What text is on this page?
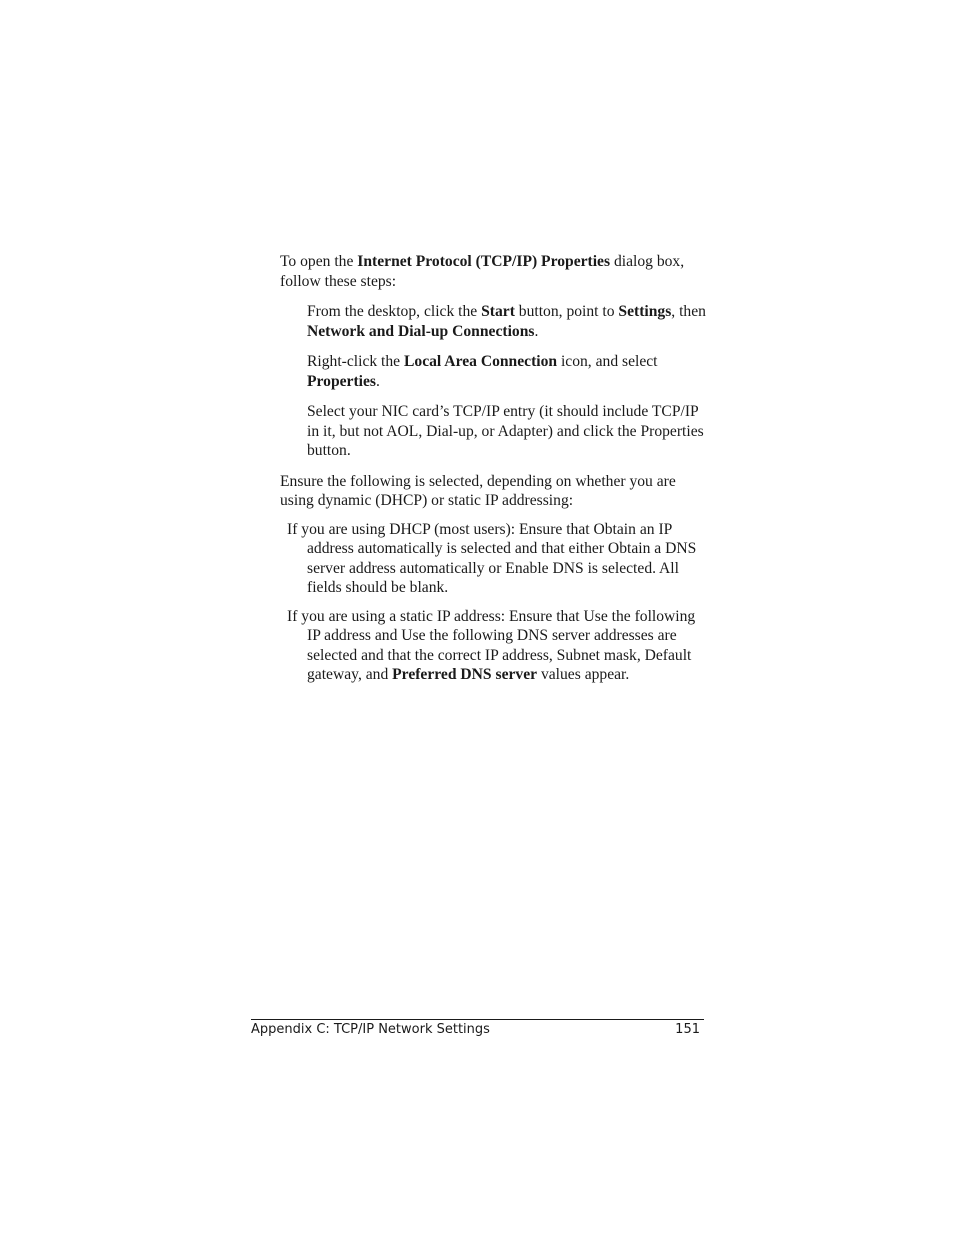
To open the Internet Protocol (TCP/IP) Properties dialog box, follow these steps:

From the desktop, click the Start button, point to Settings, then Network and Dial-up Connections.

Right-click the Local Area Connection icon, and select Properties.

Select your NIC card’s TCP/IP entry (it should include TCP/IP in it, but not AOL, Dial-up, or Adapter) and click the Properties button.

Ensure the following is selected, depending on whether you are using dynamic (DHCP) or static IP addressing:

If you are using DHCP (most users): Ensure that Obtain an IP address automatically is selected and that either Obtain a DNS server address automatically or Enable DNS is selected. All fields should be blank.

If you are using a static IP address: Ensure that Use the following IP address and Use the following DNS server addresses are selected and that the correct IP address, Subnet mask, Default gateway, and Preferred DNS server values appear.

Appendix C: TCP/IP Network Settings	151
